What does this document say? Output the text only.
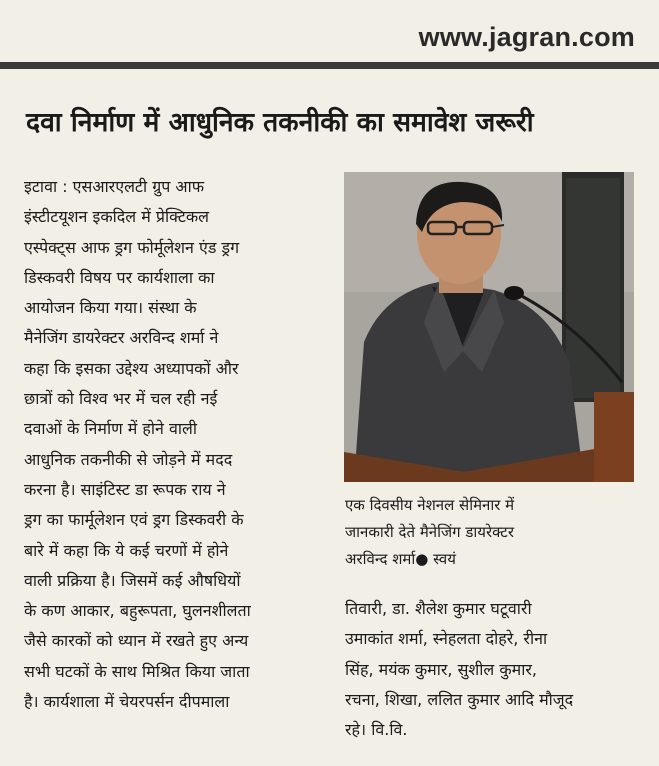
www.jagran.com
दवा निर्माण में आधुनिक तकनीकी का समावेश जरूरी

इटावा : एसआरएलटी ग्रुप आफ

इंस्टीटयूशन इकदिल में प्रेक्टिकल

एस्पेक्ट्स आफ ड्रग फोर्मूलेशन एंड ड्रग

डिस्कवरी विषय पर कार्यशाला का

आयोजन किया गया। संस्था के

मैनेजिंग डायरेक्टर अरविन्द शर्मा ने

कहा कि इसका उद्देश्य अध्यापकों और

छात्रों को विश्व भर में चल रही नई

दवाओं के निर्माण में होने वाली

आधुनिक तकनीकी से जोड़ने में मदद

करना है। साइंटिस्ट डा रूपक राय ने

ड्रग का फार्मूलेशन एवं ड्रग डिस्कवरी के

बारे में कहा कि ये कई चरणों में होने

वाली प्रक्रिया है। जिसमें कई औषधियों

के कण आकार, बहुरूपता, घुलनशीलता

जैसे कारकों को ध्यान में रखते हुए अन्य

सभी घटकों के साथ मिश्रित किया जाता

है। कार्यशाला में चेयरपर्सन दीपमाला

एक दिवसीय नेशनल सेमिनार में

जानकारी देते मैनेजिंग डायरेक्टर

अरविन्द शर्मा● स्वयं

तिवारी, डा. शैलेश कुमार घटूवारी

उमाकांत शर्मा, स्नेहलता दोहरे, रीना

सिंह, मयंक कुमार, सुशील कुमार,

रचना, शिखा, ललित कुमार आदि मौजूद

रहे। वि.वि.
